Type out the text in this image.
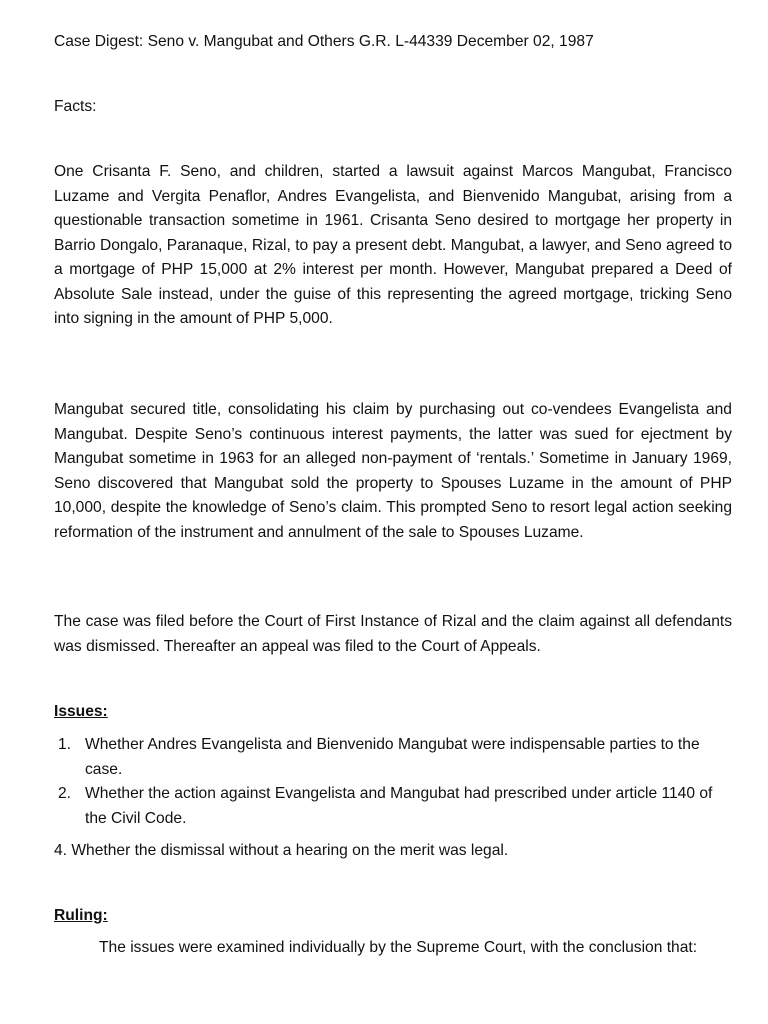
Case Digest: Seno v. Mangubat and Others G.R. L-44339 December 02, 1987

Facts:

One Crisanta F. Seno, and children, started a lawsuit against Marcos Mangubat, Francisco Luzame and Vergita Penaflor, Andres Evangelista, and Bienvenido Mangubat, arising from a questionable transaction sometime in 1961. Crisanta Seno desired to mortgage her property in Barrio Dongalo, Paranaque, Rizal, to pay a present debt. Mangubat, a lawyer, and Seno agreed to a mortgage of PHP 15,000 at 2% interest per month. However, Mangubat prepared a Deed of Absolute Sale instead, under the guise of this representing the agreed mortgage, tricking Seno into signing in the amount of PHP 5,000.

Mangubat secured title, consolidating his claim by purchasing out co-vendees Evangelista and Mangubat. Despite Seno’s continuous interest payments, the latter was sued for ejectment by Mangubat sometime in 1963 for an alleged non-payment of ‘rentals.’ Sometime in January 1969, Seno discovered that Mangubat sold the property to Spouses Luzame in the amount of PHP 10,000, despite the knowledge of Seno’s claim. This prompted Seno to resort legal action seeking reformation of the instrument and annulment of the sale to Spouses Luzame.

The case was filed before the Court of First Instance of Rizal and the claim against all defendants was dismissed. Thereafter an appeal was filed to the Court of Appeals.

Issues:

1. Whether Andres Evangelista and Bienvenido Mangubat were indispensable parties to the case.
2. Whether the action against Evangelista and Mangubat had prescribed under article 1140 of the Civil Code.

4. Whether the dismissal without a hearing on the merit was legal.

Ruling:

The issues were examined individually by the Supreme Court, with the conclusion that:
